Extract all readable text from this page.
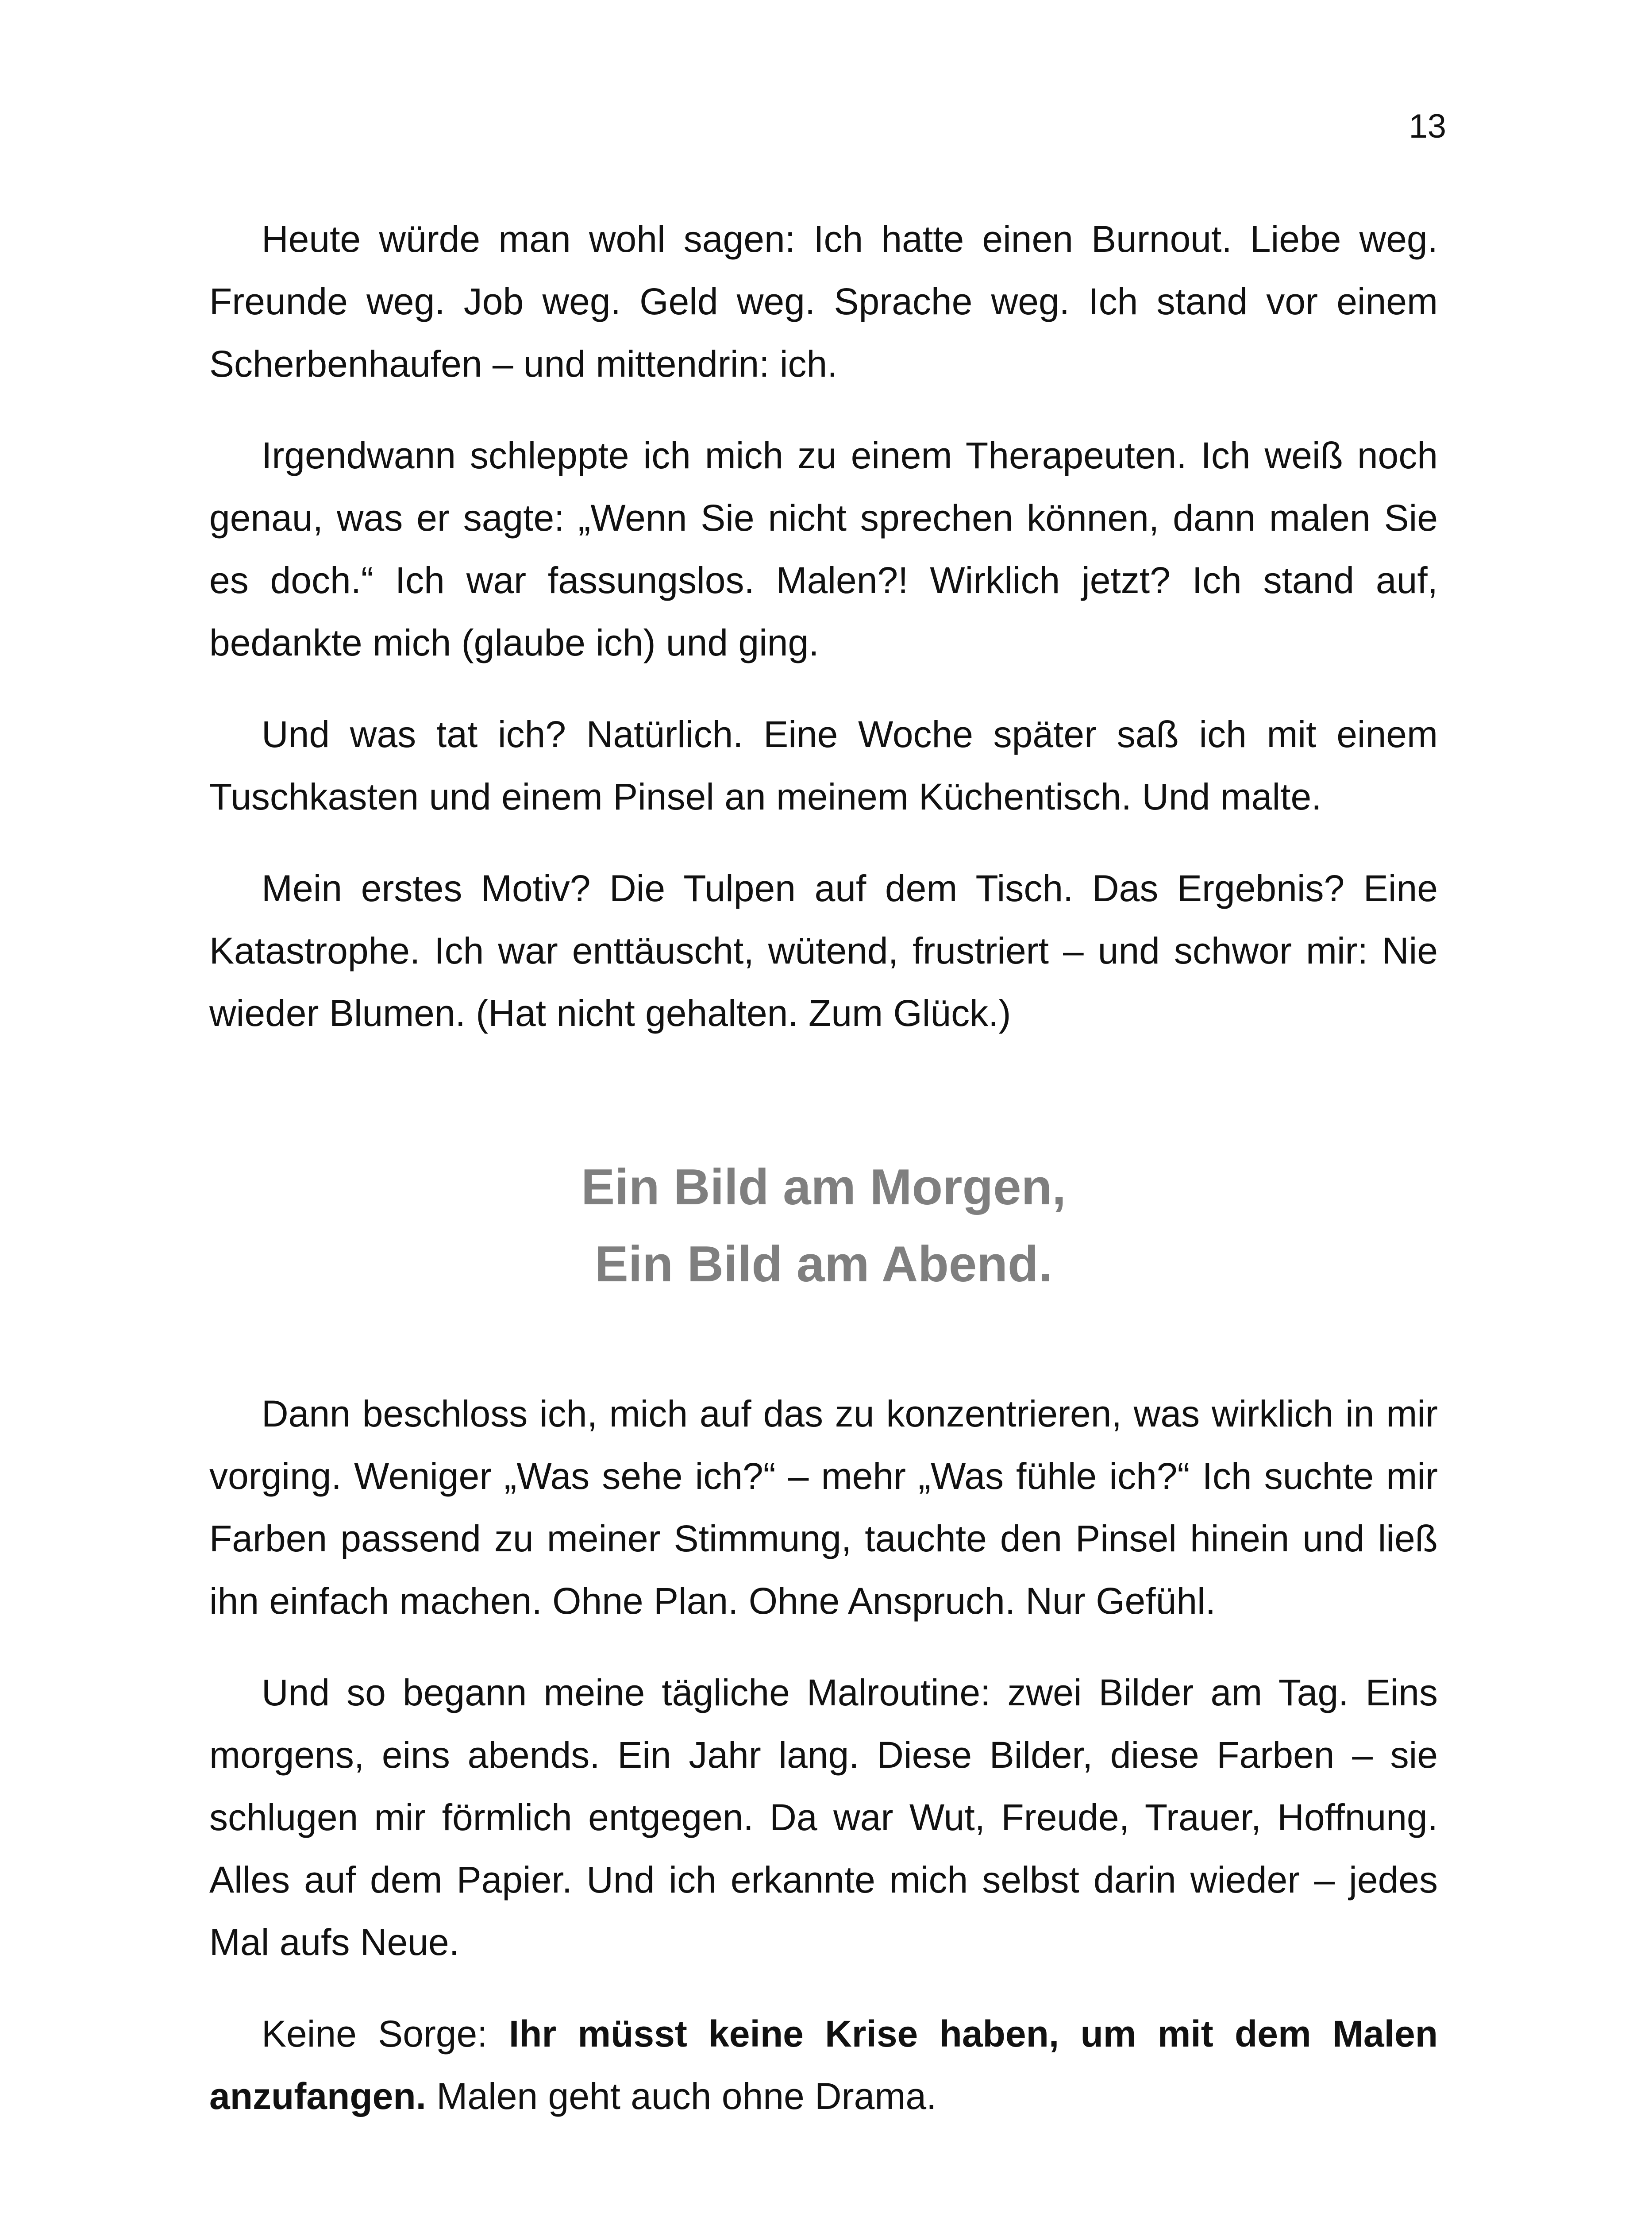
13

Heute würde man wohl sagen: Ich hatte einen Burnout. Liebe weg. Freunde weg. Job weg. Geld weg. Sprache weg. Ich stand vor einem Scherbenhaufen – und mittendrin: ich.

Irgendwann schleppte ich mich zu einem Therapeuten. Ich weiß noch genau, was er sagte: „Wenn Sie nicht sprechen können, dann malen Sie es doch.“ Ich war fassungslos. Malen?! Wirklich jetzt? Ich stand auf, bedankte mich (glaube ich) und ging.

Und was tat ich? Natürlich. Eine Woche später saß ich mit einem Tuschkasten und einem Pinsel an meinem Küchentisch. Und malte.

Mein erstes Motiv? Die Tulpen auf dem Tisch. Das Ergebnis? Eine Katastrophe. Ich war enttäuscht, wütend, frustriert – und schwor mir: Nie wieder Blumen. (Hat nicht gehalten. Zum Glück.)

Ein Bild am Morgen,
Ein Bild am Abend.

Dann beschloss ich, mich auf das zu konzentrieren, was wirklich in mir vorging. Weniger „Was sehe ich?“ – mehr „Was fühle ich?“ Ich suchte mir Farben passend zu meiner Stimmung, tauchte den Pinsel hinein und ließ ihn einfach machen. Ohne Plan. Ohne Anspruch. Nur Gefühl.

Und so begann meine tägliche Malroutine: zwei Bilder am Tag. Eins morgens, eins abends. Ein Jahr lang. Diese Bilder, diese Farben – sie schlugen mir förmlich entgegen. Da war Wut, Freude, Trauer, Hoffnung. Alles auf dem Papier. Und ich erkannte mich selbst darin wieder – jedes Mal aufs Neue.

Keine Sorge: Ihr müsst keine Krise haben, um mit dem Malen anzufangen. Malen geht auch ohne Drama.
